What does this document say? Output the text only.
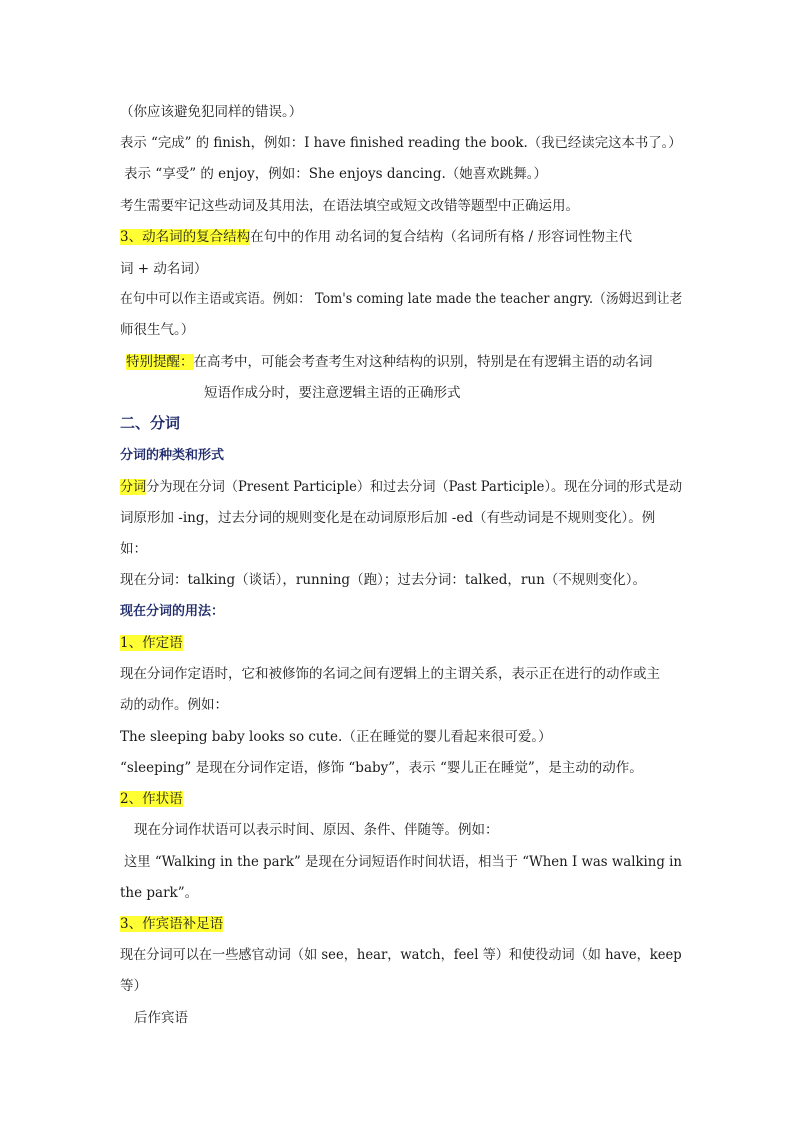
（你应该避免犯同样的错误。）
表示 “完成” 的 finish，例如：I have finished reading the book.（我已经读完这本书了。）
表示 “享受” 的 enjoy，例如：She enjoys dancing.（她喜欢跳舞。）
考生需要牢记这些动词及其用法，在语法填空或短文改错等题型中正确运用。
3、动名词的复合结构在句中的作用 动名词的复合结构（名词所有格 / 形容词性物主代
词 + 动名词）
在句中可以作主语或宾语。例如： Tom's coming late made the teacher angry.（汤姆迟到让老
师很生气。）
特别提醒：在高考中，可能会考查考生对这种结构的识别，特别是在有逻辑主语的动名词
短语作成分时，要注意逻辑主语的正确形式
二、分词
分词的种类和形式
分词分为现在分词（Present Participle）和过去分词（Past Participle）。现在分词的形式是动
词原形加 -ing，过去分词的规则变化是在动词原形后加 -ed（有些动词是不规则变化）。例
如：
现在分词：talking（谈话），running（跑）；过去分词：talked，run（不规则变化）。
现在分词的用法：
1、作定语
现在分词作定语时，它和被修饰的名词之间有逻辑上的主谓关系，表示正在进行的动作或主
动的动作。例如：
The sleeping baby looks so cute.（正在睡觉的婴儿看起来很可爱。）
“sleeping” 是现在分词作定语，修饰 “baby”，表示 “婴儿正在睡觉”，是主动的动作。
2、作状语
现在分词作状语可以表示时间、原因、条件、伴随等。例如：
这里 “Walking in the park” 是现在分词短语作时间状语，相当于 “When I was walking in
the park”。
3、作宾语补足语
现在分词可以在一些感官动词（如 see，hear，watch，feel 等）和使役动词（如 have，keep
等）
后作宾语
